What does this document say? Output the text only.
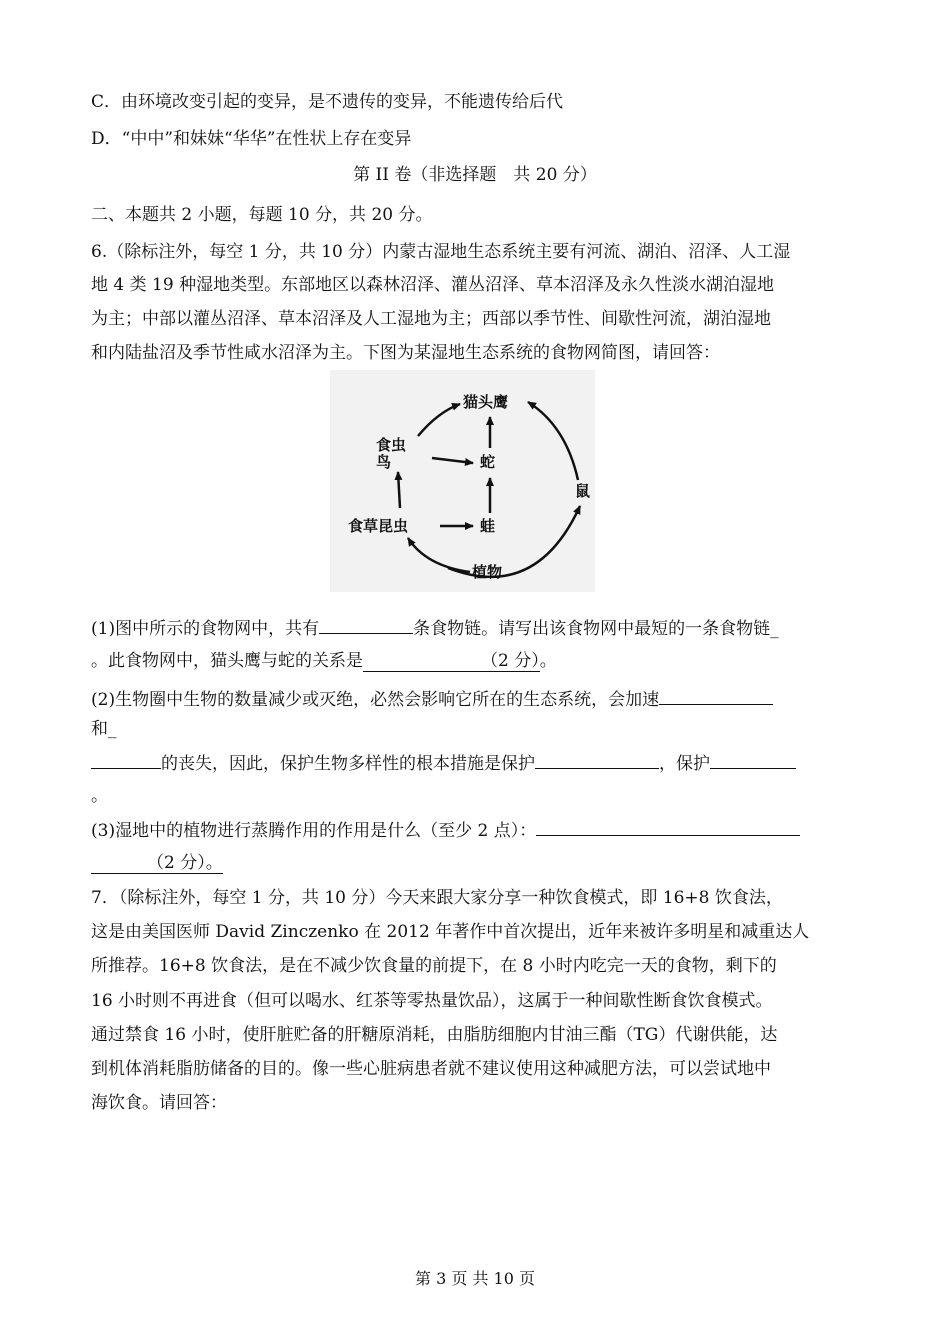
C．由环境改变引起的变异，是不遗传的变异，不能遗传给后代
D．“中中”和妹妹“华华”在性状上存在变异
第 II 卷（非选择题　共 20 分）
二、本题共 2 小题，每题 10 分，共 20 分。
6.（除标注外，每空 1 分，共 10 分）内蒙古湿地生态系统主要有河流、湖泊、沼泽、人工湿
地 4 类 19 种湿地类型。东部地区以森林沼泽、灌丛沼泽、草本沼泽及永久性淡水湖泊湿地
为主；中部以灌丛沼泽、草本沼泽及人工湿地为主；西部以季节性、间歇性河流，湖泊湿地
和内陆盐沼及季节性咸水沼泽为主。下图为某湿地生态系统的食物网简图，请回答：
猫头鹰
食虫
鸟	蛇
鼠
食草昆虫	蛙
植物
(1)图中所示的食物网中，共有	条食物链。请写出该食物网中最短的一条食物链_
。此食物网中，猫头鹰与蛇的关系是	（2 分）。
(2)生物圈中生物的数量减少或灭绝，必然会影响它所在的生态系统，会加速
和_
的丧失，因此，保护生物多样性的根本措施是保护	，保护
。
(3)湿地中的植物进行蒸腾作用的作用是什么（至少 2 点）：
（2 分）。
7．（除标注外，每空 1 分，共 10 分）今天来跟大家分享一种饮食模式，即 16+8 饮食法，
这是由美国医师 David Zinczenko 在 2012 年著作中首次提出，近年来被许多明星和减重达人
所推荐。16+8 饮食法，是在不减少饮食量的前提下，在 8 小时内吃完一天的食物，剩下的
16 小时则不再进食（但可以喝水、红茶等零热量饮品），这属于一种间歇性断食饮食模式。
通过禁食 16 小时，使肝脏贮备的肝糖原消耗，由脂肪细胞内甘油三酯（TG）代谢供能，达
到机体消耗脂肪储备的目的。像一些心脏病患者就不建议使用这种减肥方法，可以尝试地中
海饮食。请回答：
第 3 页 共 10 页
